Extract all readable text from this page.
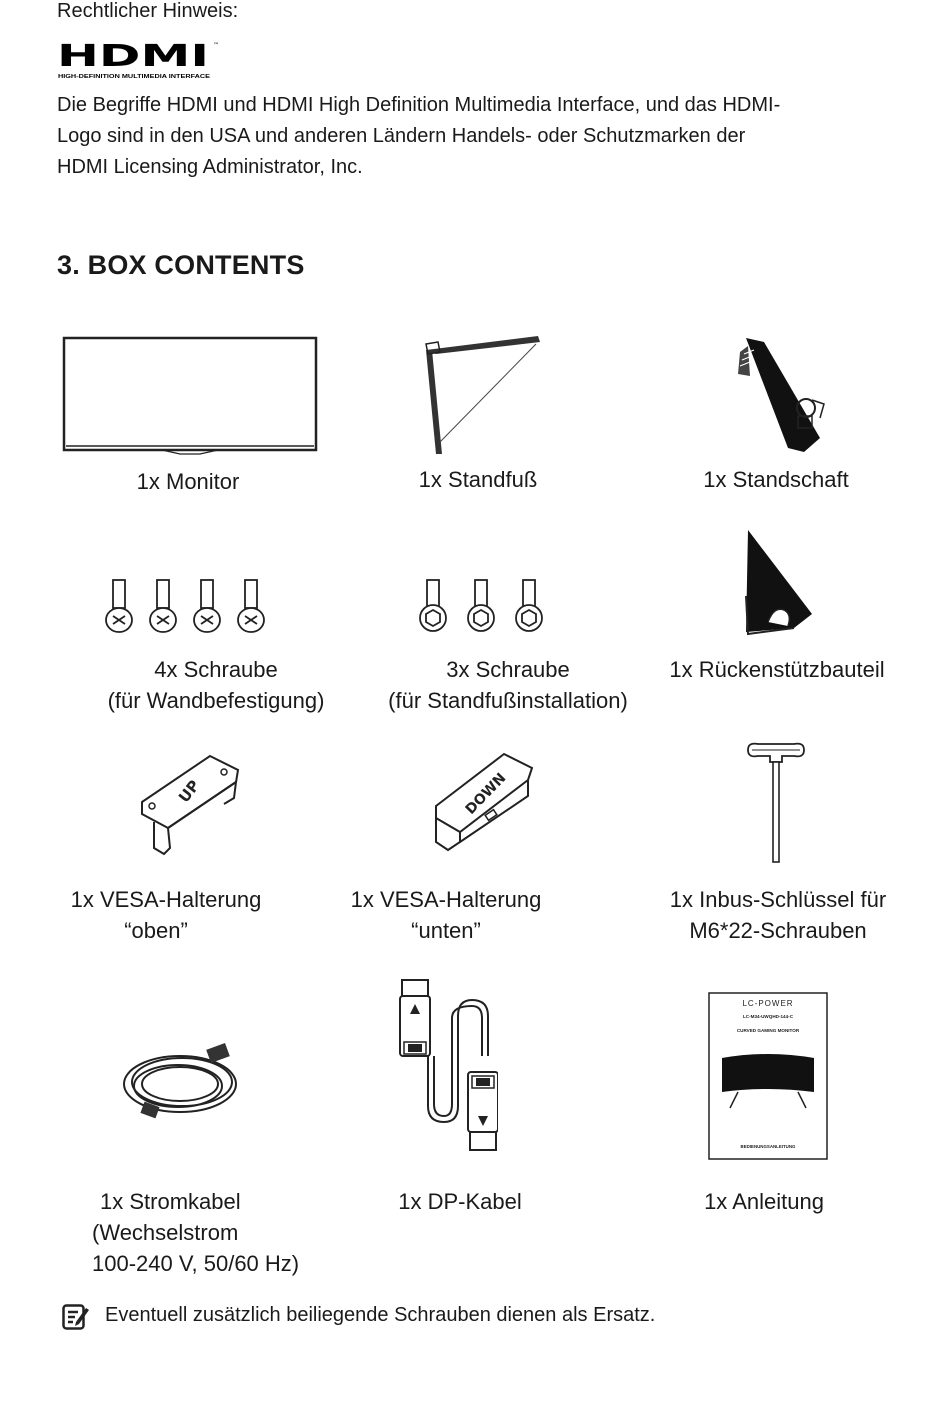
Rechtlicher Hinweis:
HDMI ™
HIGH-DEFINITION MULTIMEDIA INTERFACE
Die Begriffe HDMI und HDMI High Definition Multimedia Interface, und das HDMI-
Logo sind in den USA und anderen Ländern Handels- oder Schutzmarken der
HDMI Licensing Administrator, Inc.
3. BOX CONTENTS
1x Monitor	1x Standfuß	1x Standschaft
4x Schraube
(für Wandbefestigung)
3x Schraube
(für Standfußinstallation)
1x Rückenstützbauteil
UP
1x VESA-Halterung
“oben”
DOWN
1x VESA-Halterung
“unten”
1x Inbus-Schlüssel für
M6*22-Schrauben
1x Stromkabel
(Wechselstrom
100-240 V, 50/60 Hz)
1x DP-Kabel
LC-POWER
LC-M34-UWQHD-144-C
CURVED GAMING MONITOR
BEDIENUNGSANLEITUNG
1x Anleitung
Eventuell zusätzlich beiliegende Schrauben dienen als Ersatz.
